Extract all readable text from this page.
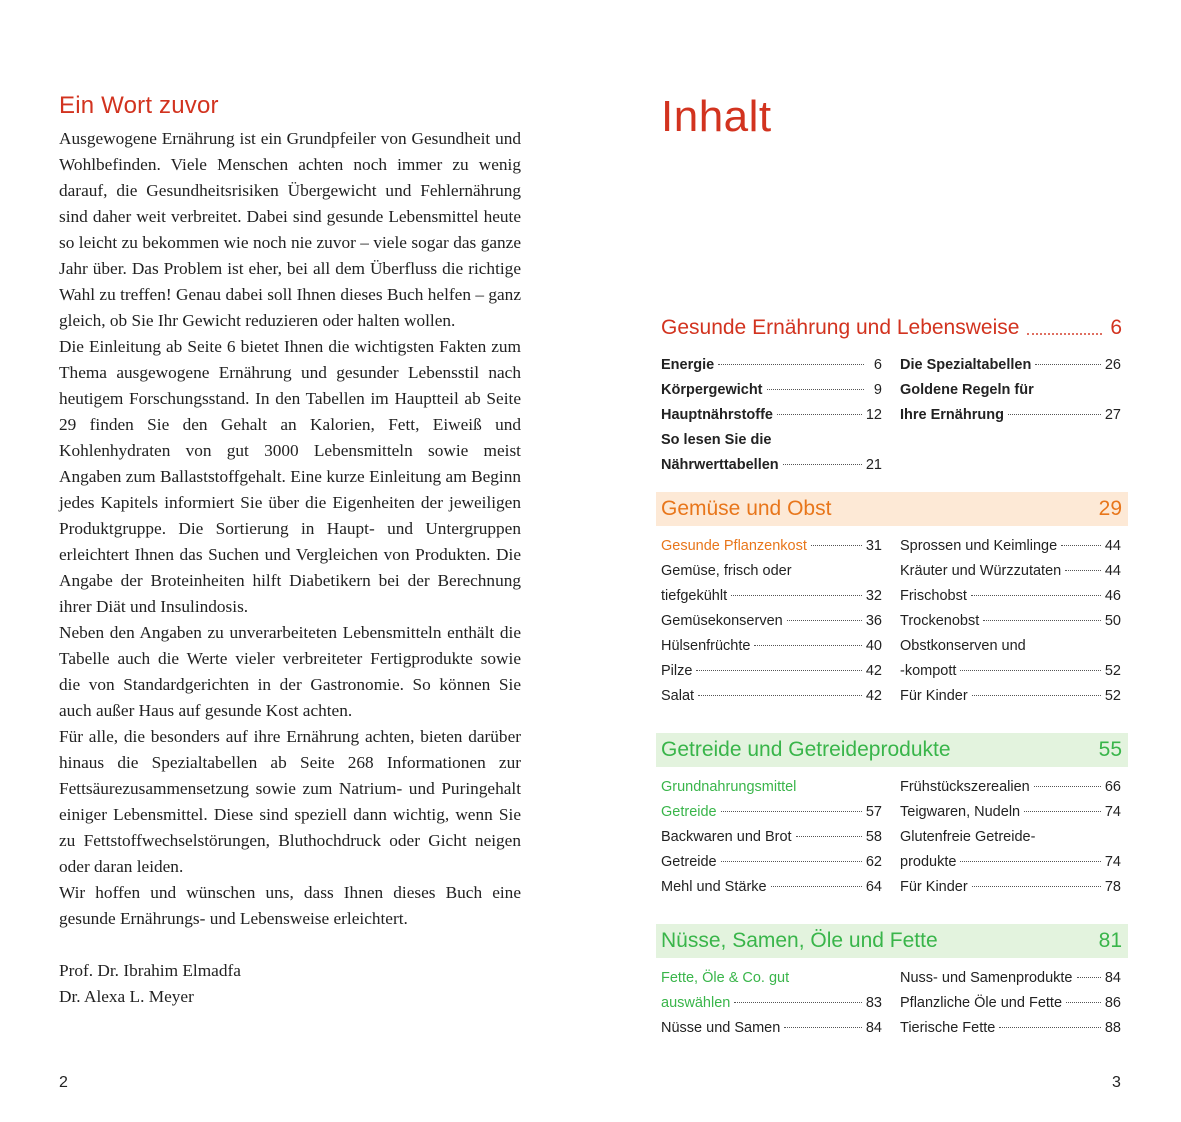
Ein Wort zuvor

Ausgewogene Ernährung ist ein Grundpfeiler von Gesundheit und Wohlbefinden. Viele Menschen achten noch immer zu wenig darauf, die Gesundheitsrisiken Übergewicht und Fehlernährung sind daher weit verbreitet. Dabei sind gesunde Lebensmittel heute so leicht zu bekommen wie noch nie zuvor – viele sogar das ganze Jahr über. Das Problem ist eher, bei all dem Überfluss die richtige Wahl zu treffen! Genau dabei soll Ihnen dieses Buch helfen – ganz gleich, ob Sie Ihr Gewicht reduzieren oder halten wollen.

Die Einleitung ab Seite 6 bietet Ihnen die wichtigsten Fakten zum Thema ausgewogene Ernährung und gesunder Lebensstil nach heutigem Forschungsstand. In den Tabellen im Hauptteil ab Seite 29 finden Sie den Gehalt an Kalorien, Fett, Eiweiß und Kohlenhydraten von gut 3000 Lebensmitteln sowie meist Angaben zum Ballaststoffgehalt. Eine kurze Einleitung am Beginn jedes Kapitels informiert Sie über die Eigenheiten der jeweiligen Produktgruppe. Die Sortierung in Haupt- und Untergruppen erleichtert Ihnen das Suchen und Vergleichen von Produkten. Die Angabe der Broteinheiten hilft Diabetikern bei der Berechnung ihrer Diät und Insulindosis.

Neben den Angaben zu unverarbeiteten Lebensmitteln enthält die Tabelle auch die Werte vieler verbreiteter Fertigprodukte sowie die von Standardgerichten in der Gastronomie. So können Sie auch außer Haus auf gesunde Kost achten.

Für alle, die besonders auf ihre Ernährung achten, bieten darüber hinaus die Spezialtabellen ab Seite 268 Informationen zur Fettsäurezusammensetzung sowie zum Natrium- und Puringehalt einiger Lebensmittel. Diese sind speziell dann wichtig, wenn Sie zu Fettstoffwechselstörungen, Bluthochdruck oder Gicht neigen oder daran leiden.

Wir hoffen und wünschen uns, dass Ihnen dieses Buch eine gesunde Ernährungs- und Lebensweise erleichtert.

Prof. Dr. Ibrahim Elmadfa

Dr. Alexa L. Meyer

2
Inhalt
Gesunde Ernährung und Lebensweise	6
Energie	6
Körpergewicht	9
Hauptnährstoffe	12
So lesen Sie die
Nährwerttabellen	21
Die Spezialtabellen	26
Goldene Regeln für
Ihre Ernährung	27
Gemüse und Obst	29
Gesunde Pflanzenkost	31
Gemüse, frisch oder
tiefgekühlt	32
Gemüsekonserven	36
Hülsenfrüchte	40
Pilze	42
Salat	42
Sprossen und Keimlinge	44
Kräuter und Würzzutaten	44
Frischobst	46
Trockenobst	50
Obstkonserven und
-kompott	52
Für Kinder	52
Getreide und Getreideprodukte	55
Grundnahrungsmittel
Getreide	57
Backwaren und Brot	58
Getreide	62
Mehl und Stärke	64
Frühstückszerealien	66
Teigwaren, Nudeln	74
Glutenfreie Getreide-
produkte	74
Für Kinder	78
Nüsse, Samen, Öle und Fette	81
Fette, Öle & Co. gut
auswählen	83
Nüsse und Samen	84
Nuss- und Samenprodukte 84
Pflanzliche Öle und Fette	86
Tierische Fette	88
3
